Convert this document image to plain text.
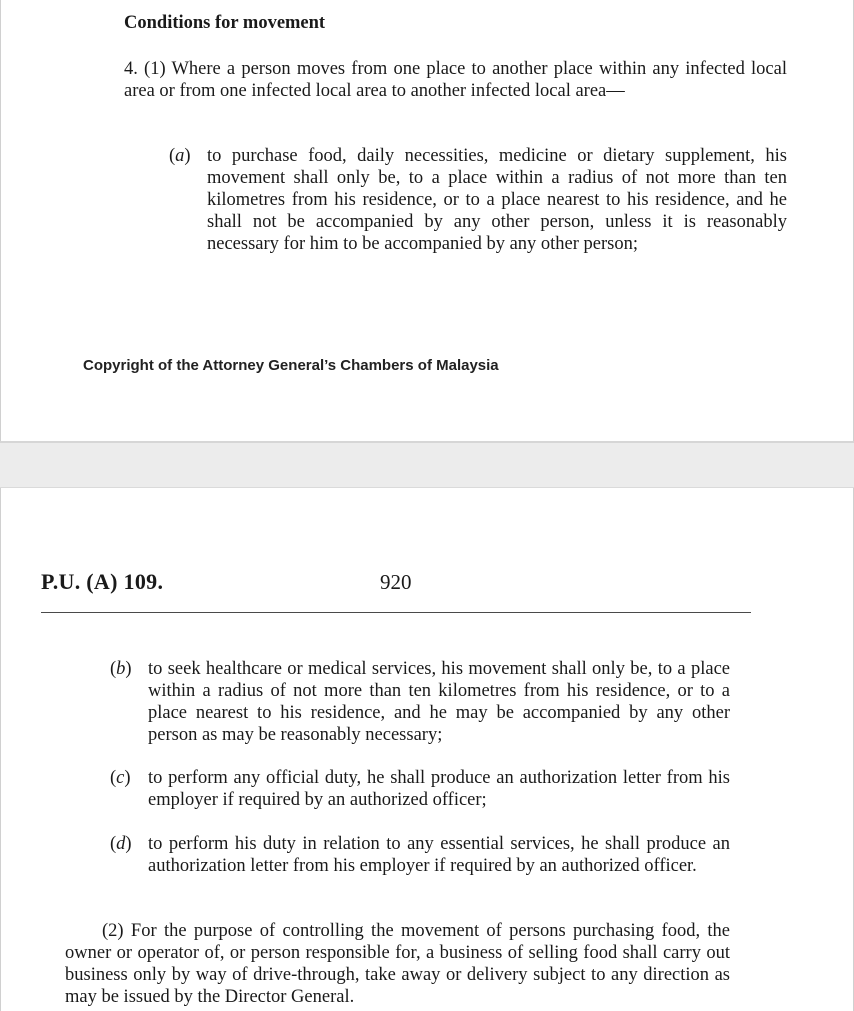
Conditions for movement

4. (1) Where a person moves from one place to another place within any infected local area or from one infected local area to another infected local area—

(a) to purchase food, daily necessities, medicine or dietary supplement, his movement shall only be, to a place within a radius of not more than ten kilometres from his residence, or to a place nearest to his residence, and he shall not be accompanied by any other person, unless it is reasonably necessary for him to be accompanied by any other person;

Copyright of the Attorney General’s Chambers of Malaysia

P.U. (A) 109.	920

(b) to seek healthcare or medical services, his movement shall only be, to a place within a radius of not more than ten kilometres from his residence, or to a place nearest to his residence, and he may be accompanied by any other person as may be reasonably necessary;

(c) to perform any official duty, he shall produce an authorization letter from his employer if required by an authorized officer;

(d) to perform his duty in relation to any essential services, he shall produce an authorization letter from his employer if required by an authorized officer.

(2) For the purpose of controlling the movement of persons purchasing food, the owner or operator of, or person responsible for, a business of selling food shall carry out business only by way of drive-through, take away or delivery subject to any direction as may be issued by the Director General.
